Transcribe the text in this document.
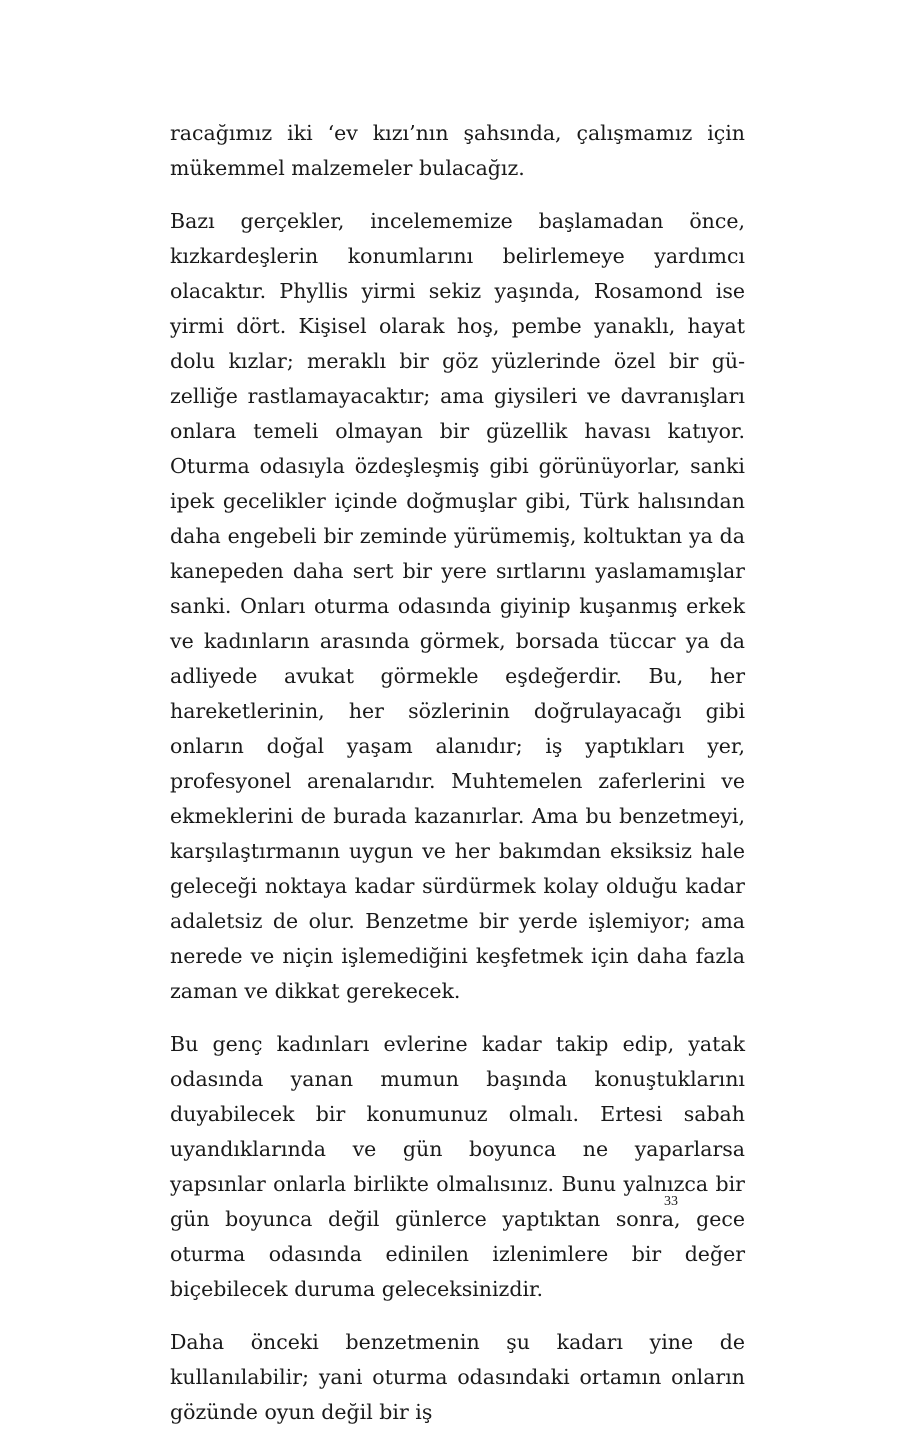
racağımız iki ‘ev kızı’nın şahsında, çalışmamız için mükemmel malzemeler bulacağız.

Bazı gerçekler, incelememize başlamadan önce, kızkardeşlerin konumlarını belirlemeye yardımcı olacaktır. Phyllis yirmi sekiz yaşında, Rosamond ise yirmi dört. Kişisel olarak hoş, pembe yanaklı, hayat dolu kızlar; meraklı bir göz yüzlerinde özel bir güzelliğe rastlamayacaktır; ama giysileri ve davranışları onlara temeli olmayan bir güzellik havası katıyor. Oturma odasıyla özdeşleşmiş gibi görünüyorlar, sanki ipek gecelikler içinde doğmuşlar gibi, Türk halısından daha engebeli bir zeminde yürümemiş, koltuktan ya da kanepeden daha sert bir yere sırtlarını yaslamamışlar sanki. Onları oturma odasında giyinip kuşanmış erkek ve kadınların arasında görmek, borsada tüccar ya da adliyede avukat görmekle eşdeğerdir. Bu, her hareketlerinin, her sözlerinin doğrulayacağı gibi onların doğal yaşam alanıdır; iş yaptıkları yer, profesyonel arenalarıdır. Muhtemelen zaferlerini ve ekmeklerini de burada kazanırlar. Ama bu benzetmeyi, karşılaştırmanın uygun ve her bakımdan eksiksiz hale geleceği noktaya kadar sürdürmek kolay olduğu kadar adaletsiz de olur. Benzetme bir yerde işlemiyor; ama nerede ve niçin işlemediğini keşfetmek için daha fazla zaman ve dikkat gerekecek.

Bu genç kadınları evlerine kadar takip edip, yatak odasında yanan mumun başında konuştuklarını duyabilecek bir konumunuz olmalı. Ertesi sabah uyandıklarında ve gün boyunca ne yaparlarsa yapsınlar onlarla birlikte olmalısınız. Bunu yalnızca bir gün boyunca değil günlerce yaptıktan sonra, gece oturma odasında edinilen izlenimlere bir değer biçebilecek duruma geleceksinizdir.

Daha önceki benzetmenin şu kadarı yine de kullanılabilir; yani oturma odasındaki ortamın onların gözünde oyun değil bir iş

33
